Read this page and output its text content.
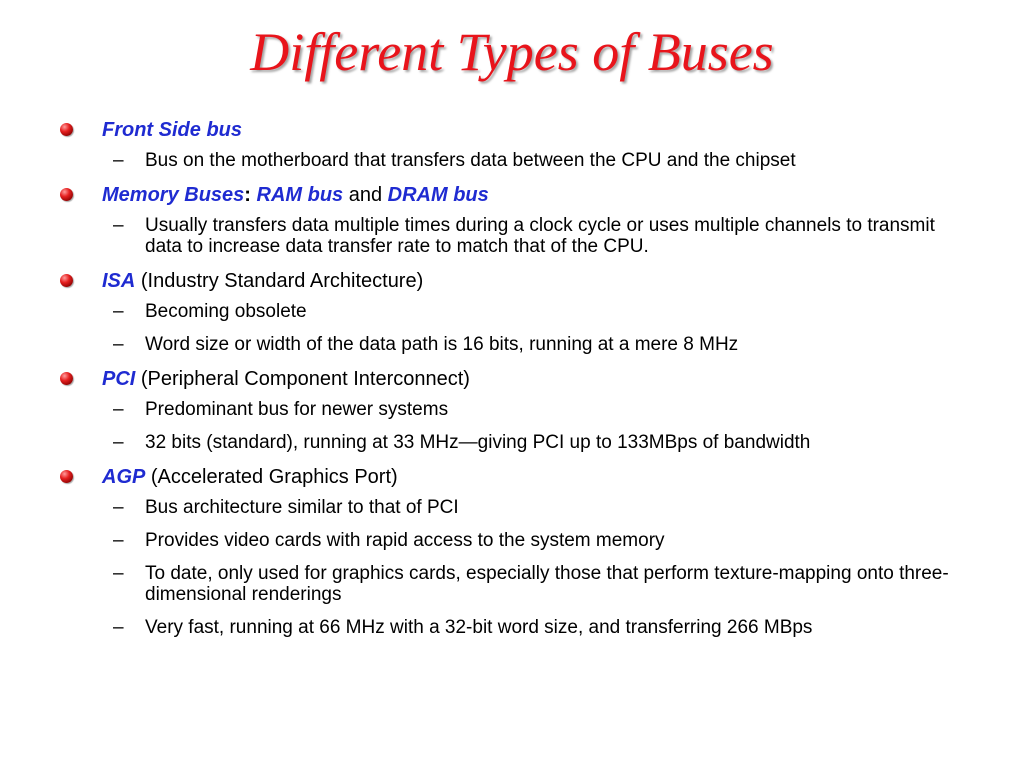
Different Types of Buses
Front Side bus
– Bus on the motherboard that transfers data between the CPU and the chipset
Memory Buses: RAM bus and DRAM bus
– Usually transfers data multiple times during a clock cycle or uses multiple channels to transmit data to increase data transfer rate to match that of the CPU.
ISA (Industry Standard Architecture)
– Becoming obsolete
– Word size or width of the data path is 16 bits, running at a mere 8 MHz
PCI (Peripheral Component Interconnect)
– Predominant bus for newer systems
– 32 bits (standard), running at 33 MHz—giving PCI up to 133MBps of bandwidth
AGP (Accelerated Graphics Port)
– Bus architecture similar to that of PCI
– Provides video cards with rapid access to the system memory
– To date, only used for graphics cards, especially those that perform texture-mapping onto three-dimensional renderings
– Very fast, running at 66 MHz with a 32-bit word size, and transferring 266 MBps
